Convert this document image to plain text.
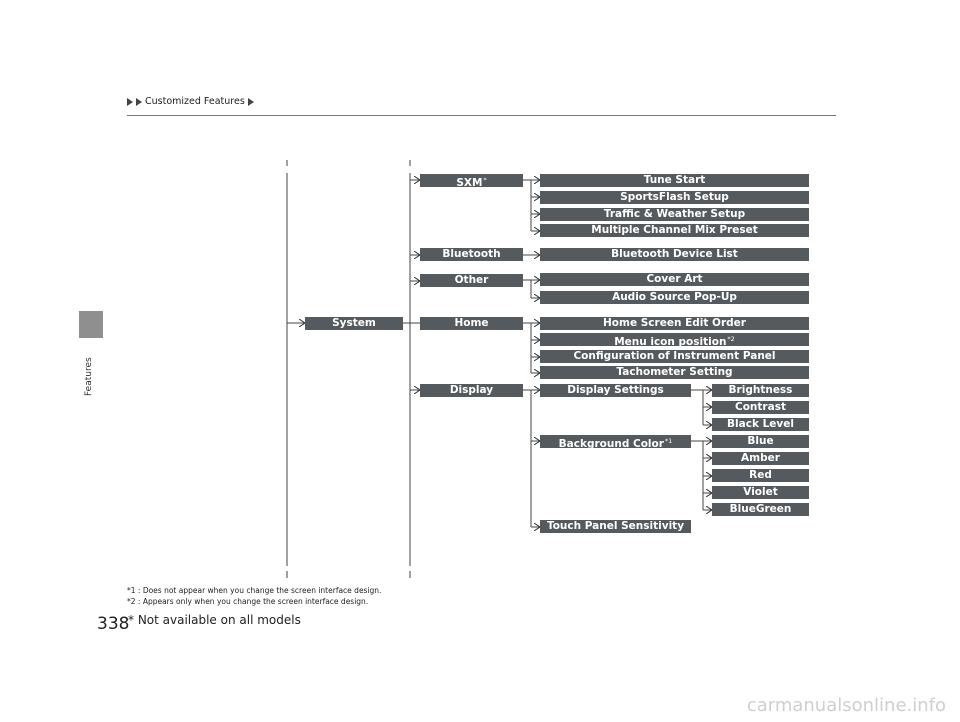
Features
Customized Features
System
SXM*
Bluetooth
Other
Home
Display
Tune Start
SportsFlash Setup
Traffic & Weather Setup
Multiple Channel Mix Preset
Bluetooth Device List
Cover Art
Audio Source Pop-Up
Home Screen Edit Order
Menu icon position$^{*2}$
Configuration of Instrument Panel
Tachometer Setting
Display Settings
Background Color$^{*1}$
Touch Panel Sensitivity
Brightness
Contrast
Black Level
Blue
Amber
Red
Violet
BlueGreen
*1 : Does not appear when you change the screen interface design.
*2 : Appears only when you change the screen interface design.
338
* Not available on all models
carmanualsonline.info
